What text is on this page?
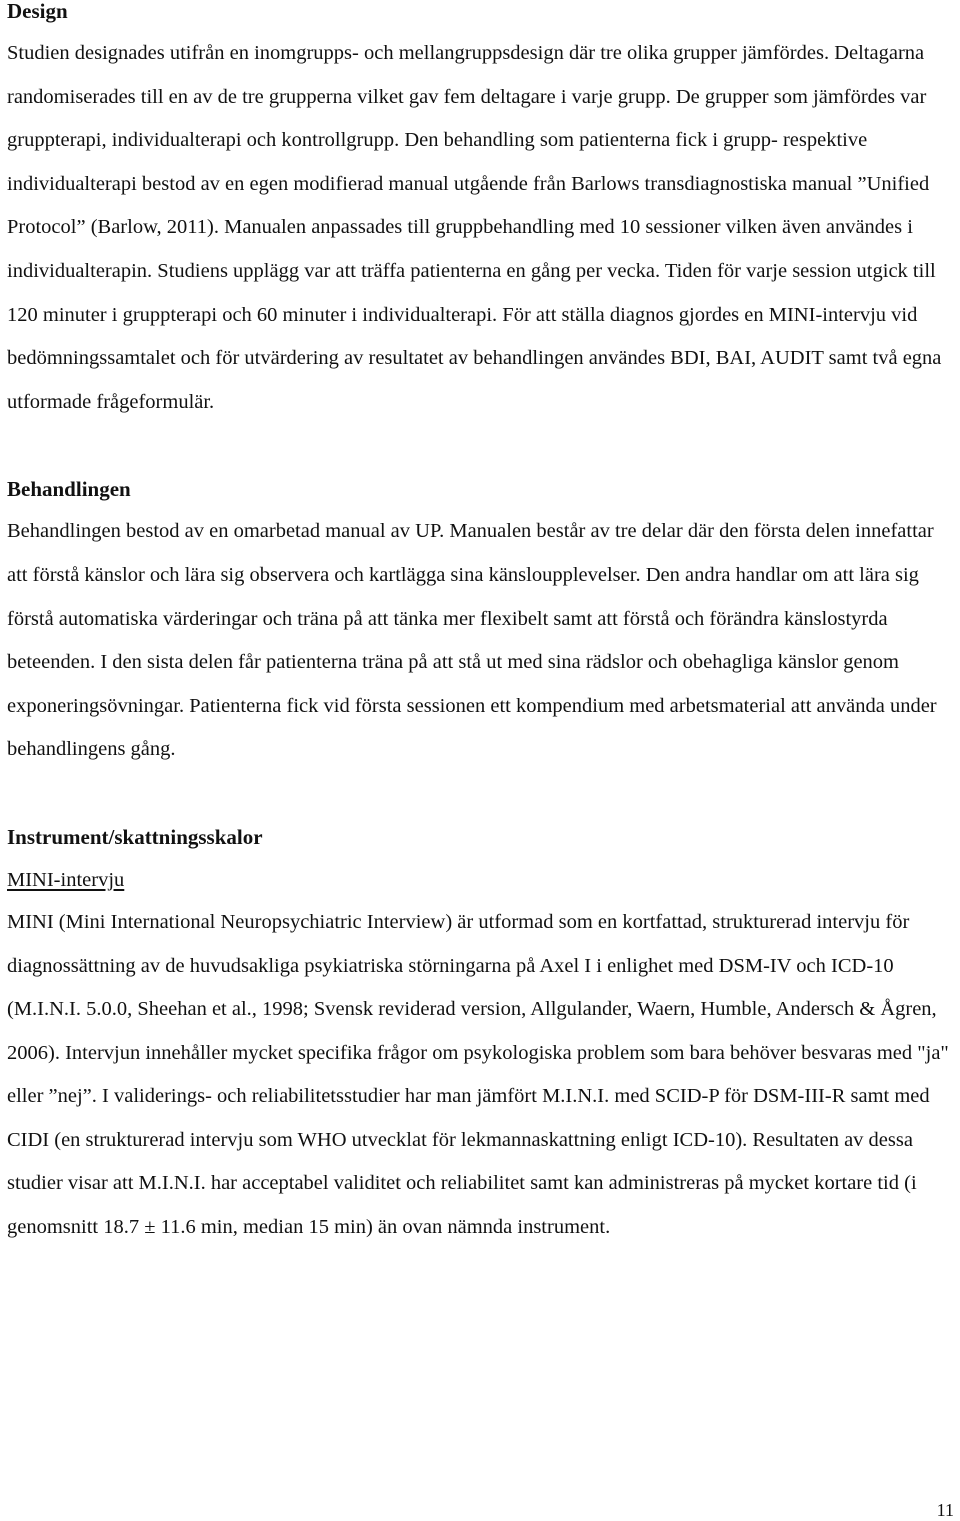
Design

Studien designades utifrån en inomgrupps- och mellangruppsdesign där tre olika grupper jämfördes. Deltagarna randomiserades till en av de tre grupperna vilket gav fem deltagare i varje grupp. De grupper som jämfördes var gruppterapi, individualterapi och kontrollgrupp. Den behandling som patienterna fick i grupp- respektive individualterapi bestod av en egen modifierad manual utgående från Barlows transdiagnostiska manual ”Unified Protocol” (Barlow, 2011). Manualen anpassades till gruppbehandling med 10 sessioner vilken även användes i individualterapin. Studiens upplägg var att träffa patienterna en gång per vecka. Tiden för varje session utgick till 120 minuter i gruppterapi och 60 minuter i individualterapi. För att ställa diagnos gjordes en MINI-intervju vid bedömningssamtalet och för utvärdering av resultatet av behandlingen användes BDI, BAI, AUDIT samt två egna utformade frågeformulär.

Behandlingen

Behandlingen bestod av en omarbetad manual av UP. Manualen består av tre delar där den första delen innefattar att förstå känslor och lära sig observera och kartlägga sina känsloupplevelser. Den andra handlar om att lära sig förstå automatiska värderingar och träna på att tänka mer flexibelt samt att förstå och förändra känslostyrda beteenden. I den sista delen får patienterna träna på att stå ut med sina rädslor och obehagliga känslor genom exponeringsövningar. Patienterna fick vid första sessionen ett kompendium med arbetsmaterial att använda under behandlingens gång.

Instrument/skattningsskalor

MINI-intervju

MINI (Mini International Neuropsychiatric Interview) är utformad som en kortfattad, strukturerad intervju för diagnossättning av de huvudsakliga psykiatriska störningarna på Axel I i enlighet med DSM-IV och ICD-10 (M.I.N.I. 5.0.0, Sheehan et al., 1998; Svensk reviderad version, Allgulander, Waern, Humble, Andersch & Ågren, 2006). Intervjun innehåller mycket specifika frågor om psykologiska problem som bara behöver besvaras med "ja" eller ”nej”. I validerings- och reliabilitetsstudier har man jämfört M.I.N.I. med SCID-P för DSM-III-R samt med CIDI (en strukturerad intervju som WHO utvecklat för lekmannaskattning enligt ICD-10). Resultaten av dessa studier visar att M.I.N.I. har acceptabel validitet och reliabilitet samt kan administreras på mycket kortare tid (i genomsnitt 18.7 ± 11.6 min, median 15 min) än ovan nämnda instrument.

11
